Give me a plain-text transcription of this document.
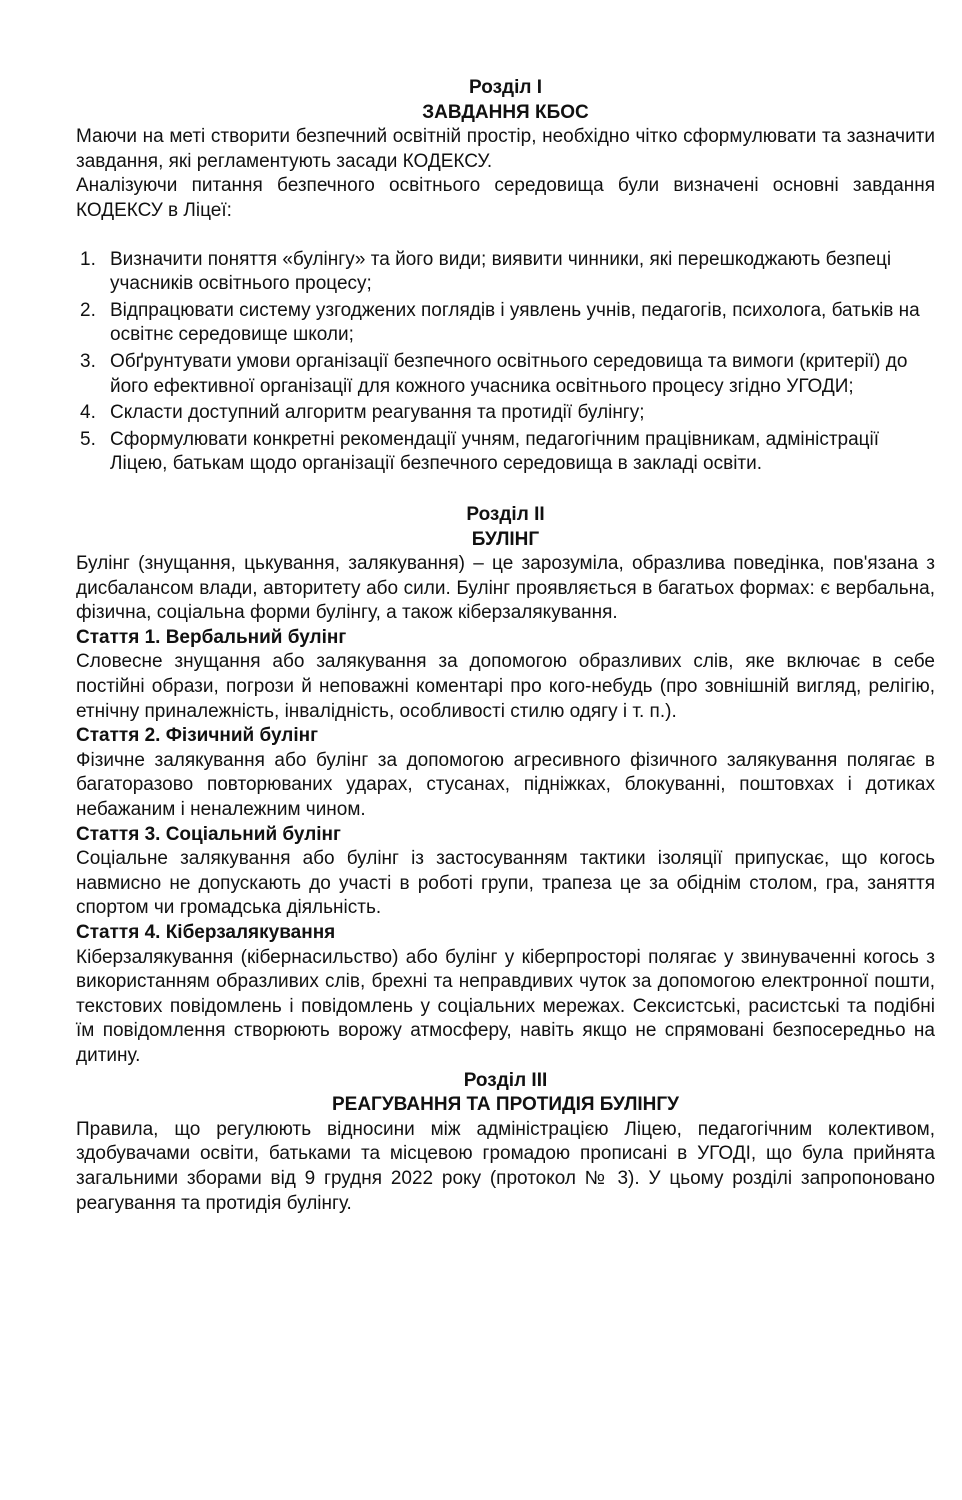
Розділ І
ЗАВДАННЯ КБОС

Маючи на меті створити безпечний освітній простір, необхідно чітко сформулювати та зазначити завдання, які регламентують засади КОДЕКСУ.

Аналізуючи питання безпечного освітнього середовища були визначені основні завдання КОДЕКСУ в Ліцеї:

1. Визначити поняття «булінгу» та його види; виявити чинники, які перешкоджають безпеці учасників освітнього процесу;
2. Відпрацювати систему узгоджених поглядів і уявлень учнів, педагогів, психолога, батьків на освітнє середовище школи;
3. Обґрунтувати умови організації безпечного освітнього середовища та вимоги (критерії) до його ефективної організації для кожного учасника освітнього процесу згідно УГОДИ;
4. Скласти доступний алгоритм реагування та протидії булінгу;
5. Сформулювати конкретні рекомендації учням, педагогічним працівникам, адміністрації Ліцею, батькам щодо організації безпечного середовища в закладі освіти.
Розділ ІІ
БУЛІНГ

Булінг (знущання, цькування, залякування) – це зарозуміла, образлива поведінка, пов'язана з дисбалансом влади, авторитету або сили. Булінг проявляється в багатьох формах: є вербальна, фізична, соціальна форми булінгу, а також кіберзалякування.

Стаття 1. Вербальний булінг

Словесне знущання або залякування за допомогою образливих слів, яке включає в себе постійні образи, погрози й неповажні коментарі про кого-небудь (про зовнішній вигляд, релігію, етнічну приналежність, інвалідність, особливості стилю одягу і т. п.).

Стаття 2. Фізичний булінг

Фізичне залякування або булінг за допомогою агресивного фізичного залякування полягає в багаторазово повторюваних ударах, стусанах, підніжках, блокуванні, поштовхах і дотиках небажаним і неналежним чином.

Стаття 3. Соціальний булінг

Соціальне залякування або булінг із застосуванням тактики ізоляції припускає, що когось навмисно не допускають до участі в роботі групи, трапеза це за обіднім столом, гра, заняття спортом чи громадська діяльність.

Стаття 4. Кіберзалякування

Кіберзалякування (кібернасильство) або булінг у кіберпросторі полягає у звинуваченні когось з використанням образливих слів, брехні та неправдивих чуток за допомогою електронної пошти, текстових повідомлень і повідомлень у соціальних мережах. Сексистські, расистські та подібні їм повідомлення створюють ворожу атмосферу, навіть якщо не спрямовані безпосередньо на дитину.

Розділ ІІІ
РЕАГУВАННЯ ТА ПРОТИДІЯ БУЛІНГУ

Правила, що регулюють відносини між адміністрацією Ліцею, педагогічним колективом, здобувачами освіти, батьками та місцевою громадою прописані в УГОДІ, що була прийнята загальними зборами від 9 грудня 2022 року (протокол № 3). У цьому розділі запропоновано реагування та протидія булінгу.
